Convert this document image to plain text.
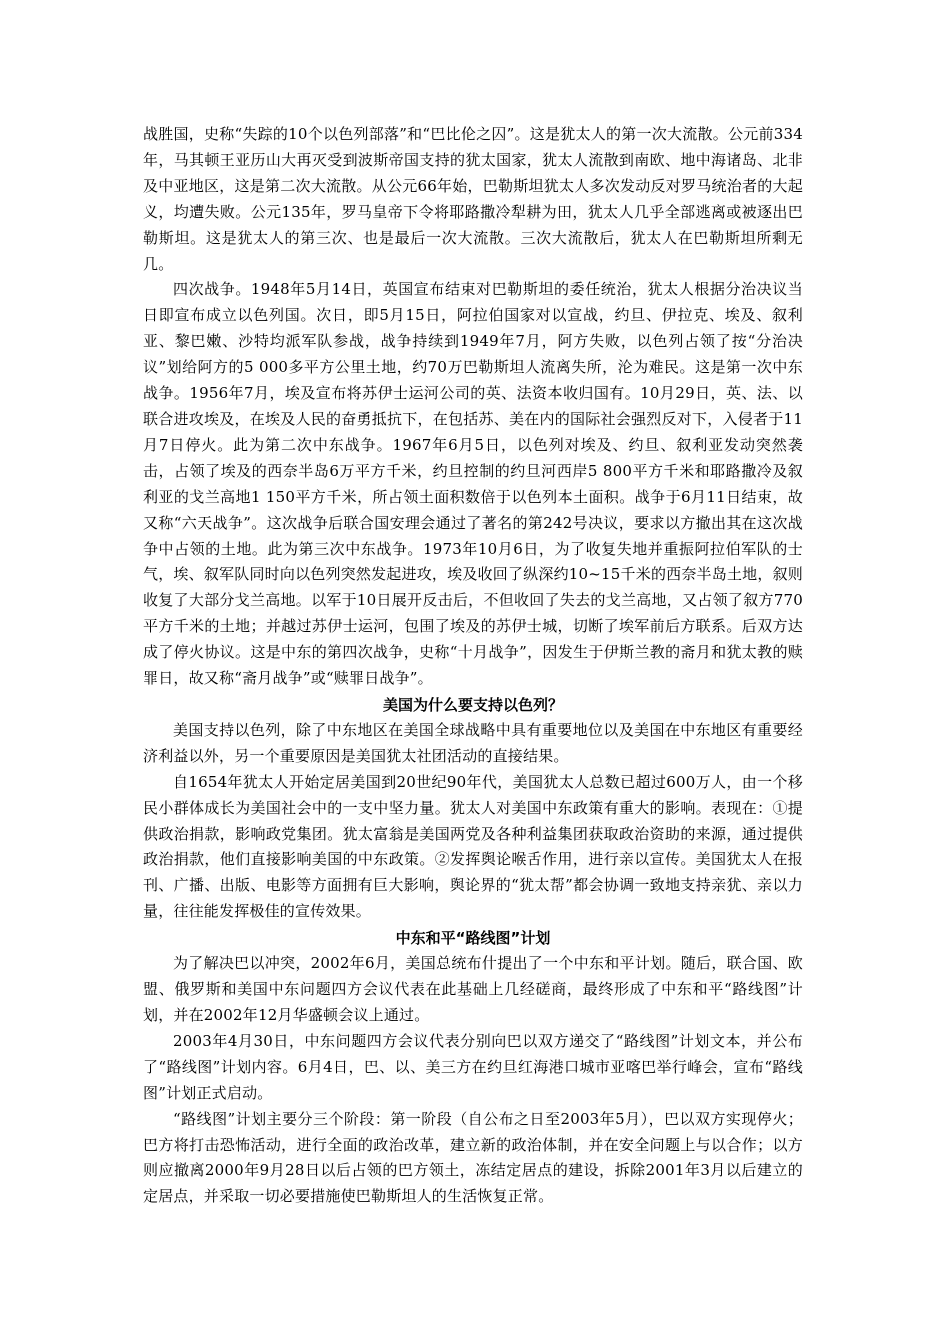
战胜国，史称“失踪的10个以色列部落”和“巴比伦之囚”。这是犹太人的第一次大流散。公元前334年，马其顿王亚历山大再灭受到波斯帝国支持的犹太国家，犹太人流散到南欧、地中海诸岛、北非及中亚地区，这是第二次大流散。从公元66年始，巴勒斯坦犹太人多次发动反对罗马统治者的大起义，均遭失败。公元135年，罗马皇帝下令将耶路撒冷犁耕为田，犹太人几乎全部逃离或被逐出巴勒斯坦。这是犹太人的第三次、也是最后一次大流散。三次大流散后，犹太人在巴勒斯坦所剩无几。

四次战争。1948年5月14日，英国宣布结束对巴勒斯坦的委任统治，犹太人根据分治决议当日即宣布成立以色列国。次日，即5月15日，阿拉伯国家对以宣战，约旦、伊拉克、埃及、叙利亚、黎巴嫩、沙特均派军队参战，战争持续到1949年7月，阿方失败，以色列占领了按“分治决议”划给阿方的5 000多平方公里土地，约70万巴勒斯坦人流离失所，沦为难民。这是第一次中东战争。1956年7月，埃及宣布将苏伊士运河公司的英、法资本收归国有。10月29日，英、法、以联合进攻埃及，在埃及人民的奋勇抵抗下，在包括苏、美在内的国际社会强烈反对下，入侵者于11月7日停火。此为第二次中东战争。1967年6月5日，以色列对埃及、约旦、叙利亚发动突然袭击，占领了埃及的西奈半岛6万平方千米，约旦控制的约旦河西岸5 800平方千米和耶路撒冷及叙利亚的戈兰高地1 150平方千米，所占领土面积数倍于以色列本土面积。战争于6月11日结束，故又称“六天战争”。这次战争后联合国安理会通过了著名的第242号决议，要求以方撤出其在这次战争中占领的土地。此为第三次中东战争。1973年10月6日，为了收复失地并重振阿拉伯军队的士气，埃、叙军队同时向以色列突然发起进攻，埃及收回了纵深约10~15千米的西奈半岛土地，叙则收复了大部分戈兰高地。以军于10日展开反击后，不但收回了失去的戈兰高地，又占领了叙方770平方千米的土地；并越过苏伊士运河，包围了埃及的苏伊士城，切断了埃军前后方联系。后双方达成了停火协议。这是中东的第四次战争，史称“十月战争”，因发生于伊斯兰教的斋月和犹太教的赎罪日，故又称“斋月战争”或“赎罪日战争”。

美国为什么要支持以色列？

美国支持以色列，除了中东地区在美国全球战略中具有重要地位以及美国在中东地区有重要经济利益以外，另一个重要原因是美国犹太社团活动的直接结果。

自1654年犹太人开始定居美国到20世纪90年代，美国犹太人总数已超过600万人，由一个移民小群体成长为美国社会中的一支中坚力量。犹太人对美国中东政策有重大的影响。表现在：①提供政治捐款，影响政党集团。犹太富翁是美国两党及各种利益集团获取政治资助的来源，通过提供政治捐款，他们直接影响美国的中东政策。②发挥舆论喉舌作用，进行亲以宣传。美国犹太人在报刊、广播、出版、电影等方面拥有巨大影响，舆论界的“犹太帮”都会协调一致地支持亲犹、亲以力量，往往能发挥极佳的宣传效果。

中东和平“路线图”计划

为了解决巴以冲突，2002年6月，美国总统布什提出了一个中东和平计划。随后，联合国、欧盟、俄罗斯和美国中东问题四方会议代表在此基础上几经磋商，最终形成了中东和平“路线图”计划，并在2002年12月华盛顿会议上通过。

2003年4月30日，中东问题四方会议代表分别向巴以双方递交了“路线图”计划文本，并公布了“路线图”计划内容。6月4日，巴、以、美三方在约旦红海港口城市亚喀巴举行峰会，宣布“路线图”计划正式启动。

“路线图”计划主要分三个阶段：第一阶段（自公布之日至2003年5月），巴以双方实现停火；巴方将打击恐怖活动，进行全面的政治改革，建立新的政治体制，并在安全问题上与以合作；以方则应撤离2000年9月28日以后占领的巴方领土，冻结定居点的建设，拆除2001年3月以后建立的定居点，并采取一切必要措施使巴勒斯坦人的生活恢复正常。
